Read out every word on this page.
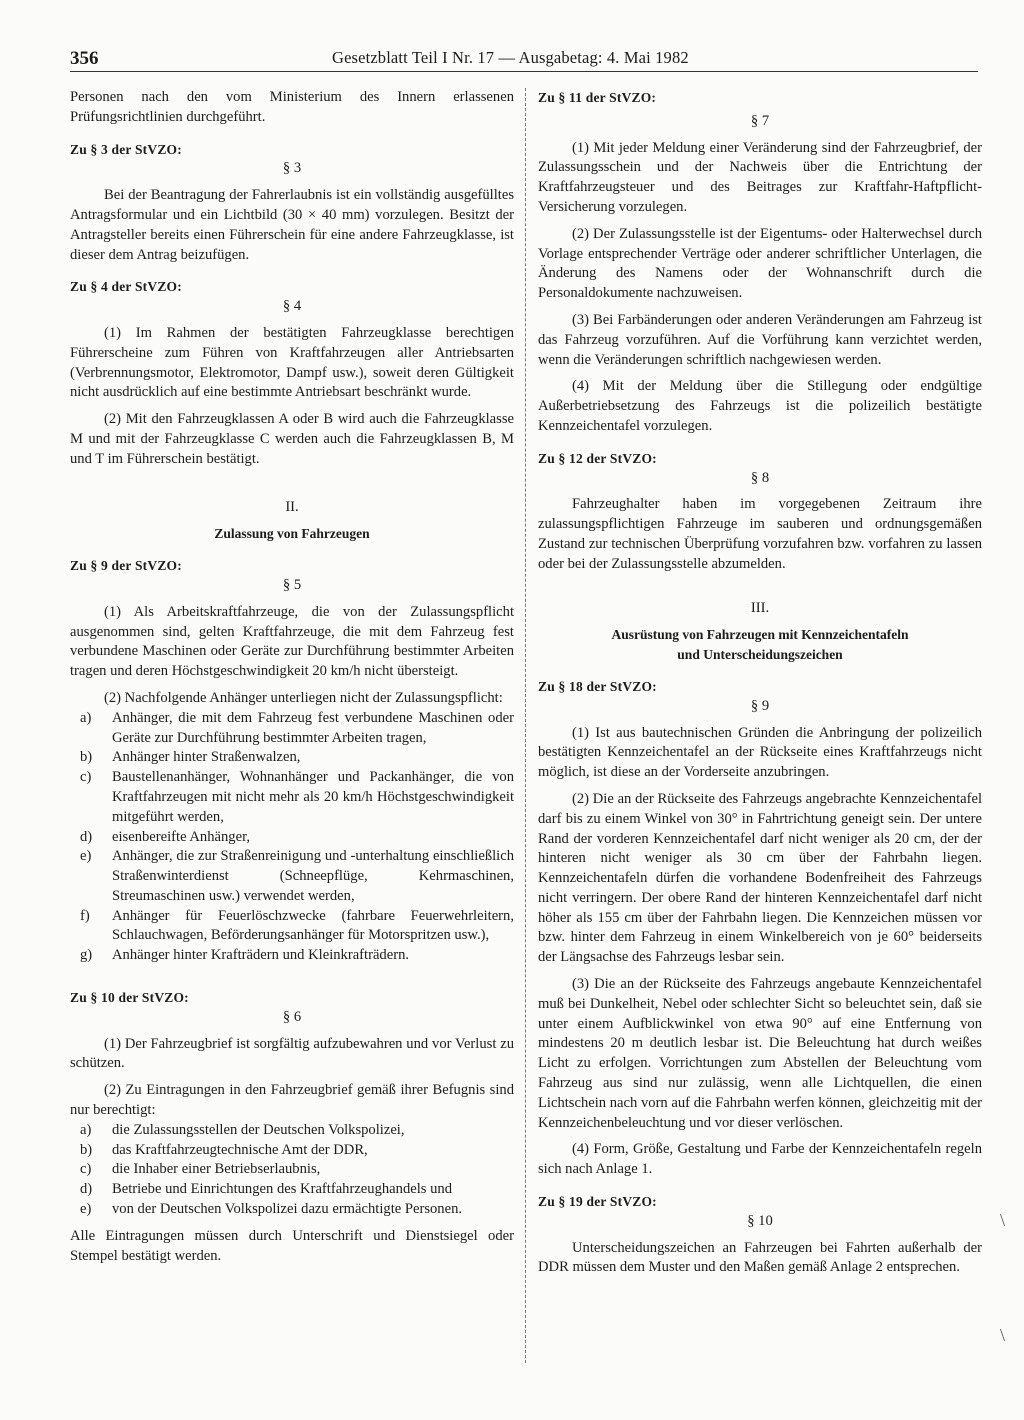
356	Gesetzblatt Teil I Nr. 17 — Ausgabetag: 4. Mai 1982

Personen nach den vom Ministerium des Innern erlassenen Prüfungsrichtlinien durchgeführt.

Zu § 3 der StVZO:

§ 3

Bei der Beantragung der Fahrerlaubnis ist ein vollständig ausgefülltes Antragsformular und ein Lichtbild (30 × 40 mm) vorzulegen. Besitzt der Antragsteller bereits einen Führerschein für eine andere Fahrzeugklasse, ist dieser dem Antrag beizufügen.

Zu § 4 der StVZO:

§ 4

(1) Im Rahmen der bestätigten Fahrzeugklasse berechtigen Führerscheine zum Führen von Kraftfahrzeugen aller Antriebsarten (Verbrennungsmotor, Elektromotor, Dampf usw.), soweit deren Gültigkeit nicht ausdrücklich auf eine bestimmte Antriebsart beschränkt wurde.

(2) Mit den Fahrzeugklassen A oder B wird auch die Fahrzeugklasse M und mit der Fahrzeugklasse C werden auch die Fahrzeugklassen B, M und T im Führerschein bestätigt.

II.

Zulassung von Fahrzeugen

Zu § 9 der StVZO:

§ 5

(1) Als Arbeitskraftfahrzeuge, die von der Zulassungspflicht ausgenommen sind, gelten Kraftfahrzeuge, die mit dem Fahrzeug fest verbundene Maschinen oder Geräte zur Durchführung bestimmter Arbeiten tragen und deren Höchstgeschwindigkeit 20 km/h nicht übersteigt.

(2) Nachfolgende Anhänger unterliegen nicht der Zulassungspflicht:

a) Anhänger, die mit dem Fahrzeug fest verbundene Maschinen oder Geräte zur Durchführung bestimmter Arbeiten tragen,
b) Anhänger hinter Straßenwalzen,
c) Baustellenanhänger, Wohnanhänger und Packanhänger, die von Kraftfahrzeugen mit nicht mehr als 20 km/h Höchstgeschwindigkeit mitgeführt werden,
d) eisenbereifte Anhänger,
e) Anhänger, die zur Straßenreinigung und -unterhaltung einschließlich Straßenwinterdienst (Schneepflüge, Kehrmaschinen, Streumaschinen usw.) verwendet werden,
f) Anhänger für Feuerlöschzwecke (fahrbare Feuerwehrleitern, Schlauchwagen, Beförderungsanhänger für Motorspritzen usw.),
g) Anhänger hinter Krafträdern und Kleinkrafträdern.

Zu § 10 der StVZO:

§ 6

(1) Der Fahrzeugbrief ist sorgfältig aufzubewahren und vor Verlust zu schützen.

(2) Zu Eintragungen in den Fahrzeugbrief gemäß ihrer Befugnis sind nur berechtigt:

a) die Zulassungsstellen der Deutschen Volkspolizei,
b) das Kraftfahrzeugtechnische Amt der DDR,
c) die Inhaber einer Betriebserlaubnis,
d) Betriebe und Einrichtungen des Kraftfahrzeughandels und
e) von der Deutschen Volkspolizei dazu ermächtigte Personen.

Alle Eintragungen müssen durch Unterschrift und Dienstsiegel oder Stempel bestätigt werden.

Zu § 11 der StVZO:

§ 7

(1) Mit jeder Meldung einer Veränderung sind der Fahrzeugbrief, der Zulassungsschein und der Nachweis über die Entrichtung der Kraftfahrzeugsteuer und des Beitrages zur Kraftfahr-Haftpflicht-Versicherung vorzulegen.

(2) Der Zulassungsstelle ist der Eigentums- oder Halterwechsel durch Vorlage entsprechender Verträge oder anderer schriftlicher Unterlagen, die Änderung des Namens oder der Wohnanschrift durch die Personaldokumente nachzuweisen.

(3) Bei Farbänderungen oder anderen Veränderungen am Fahrzeug ist das Fahrzeug vorzuführen. Auf die Vorführung kann verzichtet werden, wenn die Veränderungen schriftlich nachgewiesen werden.

(4) Mit der Meldung über die Stillegung oder endgültige Außerbetriebsetzung des Fahrzeugs ist die polizeilich bestätigte Kennzeichentafel vorzulegen.

Zu § 12 der StVZO:

§ 8

Fahrzeughalter haben im vorgegebenen Zeitraum ihre zulassungspflichtigen Fahrzeuge im sauberen und ordnungsgemäßen Zustand zur technischen Überprüfung vorzufahren bzw. vorfahren zu lassen oder bei der Zulassungsstelle abzumelden.

III.

Ausrüstung von Fahrzeugen mit Kennzeichentafeln

und Unterscheidungszeichen

Zu § 18 der StVZO:

§ 9

(1) Ist aus bautechnischen Gründen die Anbringung der polizeilich bestätigten Kennzeichentafel an der Rückseite eines Kraftfahrzeugs nicht möglich, ist diese an der Vorderseite anzubringen.

(2) Die an der Rückseite des Fahrzeugs angebrachte Kennzeichentafel darf bis zu einem Winkel von 30° in Fahrtrichtung geneigt sein. Der untere Rand der vorderen Kennzeichentafel darf nicht weniger als 20 cm, der der hinteren nicht weniger als 30 cm über der Fahrbahn liegen. Kennzeichentafeln dürfen die vorhandene Bodenfreiheit des Fahrzeugs nicht verringern. Der obere Rand der hinteren Kennzeichentafel darf nicht höher als 155 cm über der Fahrbahn liegen. Die Kennzeichen müssen vor bzw. hinter dem Fahrzeug in einem Winkelbereich von je 60° beiderseits der Längsachse des Fahrzeugs lesbar sein.

(3) Die an der Rückseite des Fahrzeugs angebaute Kennzeichentafel muß bei Dunkelheit, Nebel oder schlechter Sicht so beleuchtet sein, daß sie unter einem Aufblickwinkel von etwa 90° auf eine Entfernung von mindestens 20 m deutlich lesbar ist. Die Beleuchtung hat durch weißes Licht zu erfolgen. Vorrichtungen zum Abstellen der Beleuchtung vom Fahrzeug aus sind nur zulässig, wenn alle Lichtquellen, die einen Lichtschein nach vorn auf die Fahrbahn werfen können, gleichzeitig mit der Kennzeichenbeleuchtung und vor dieser verlöschen.

(4) Form, Größe, Gestaltung und Farbe der Kennzeichentafeln regeln sich nach Anlage 1.

Zu § 19 der StVZO:

§ 10

Unterscheidungszeichen an Fahrzeugen bei Fahrten außerhalb der DDR müssen dem Muster und den Maßen gemäß Anlage 2 entsprechen.

\
\
